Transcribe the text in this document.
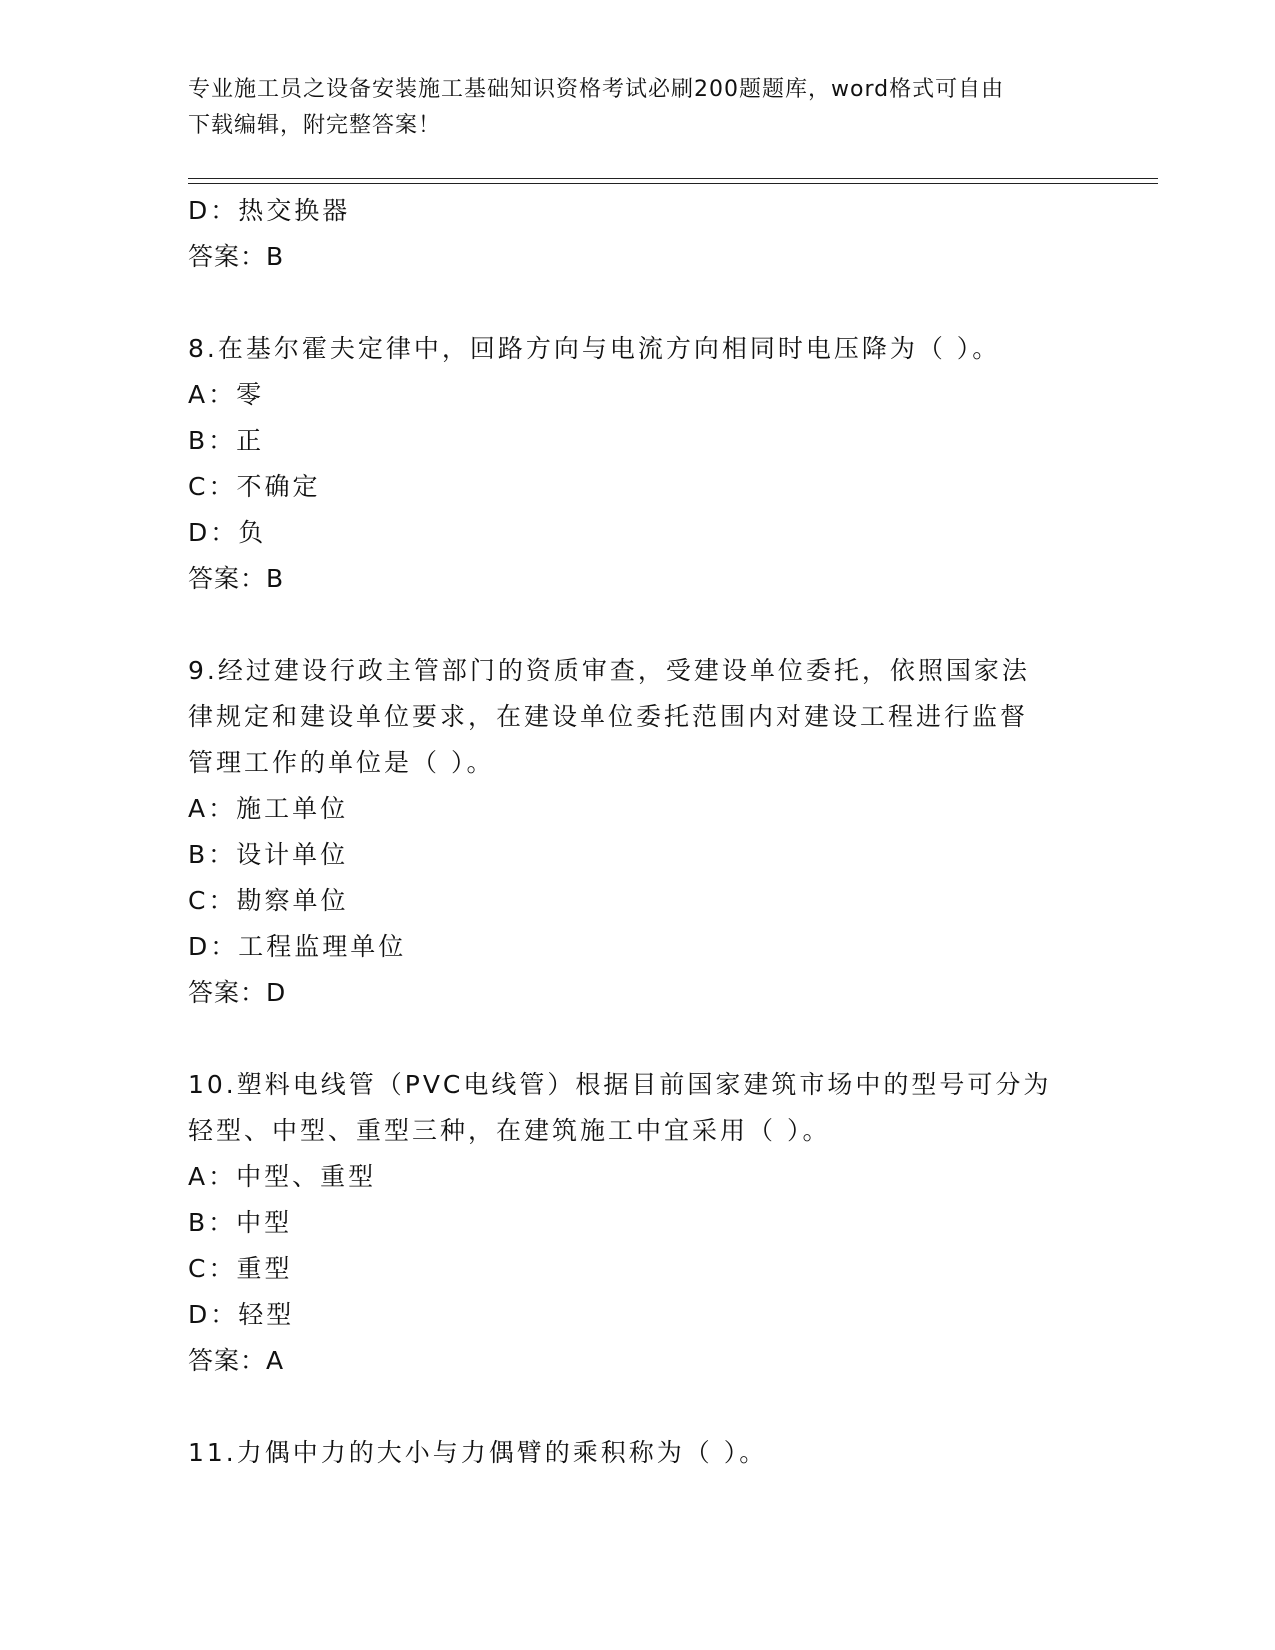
专业施工员之设备安装施工基础知识资格考试必刷200题题库，word格式可自由
下载编辑，附完整答案！
D：热交换器
答案：B
8.在基尔霍夫定律中，回路方向与电流方向相同时电压降为（ ）。
A：零
B：正
C：不确定
D：负
答案：B
9.经过建设行政主管部门的资质审查，受建设单位委托，依照国家法
律规定和建设单位要求，在建设单位委托范围内对建设工程进行监督
管理工作的单位是（ ）。
A：施工单位
B：设计单位
C：勘察单位
D：工程监理单位
答案：D
10.塑料电线管（PVC电线管）根据目前国家建筑市场中的型号可分为
轻型、中型、重型三种，在建筑施工中宜采用（ ）。
A：中型、重型
B：中型
C：重型
D：轻型
答案：A
11.力偶中力的大小与力偶臂的乘积称为（ ）。
